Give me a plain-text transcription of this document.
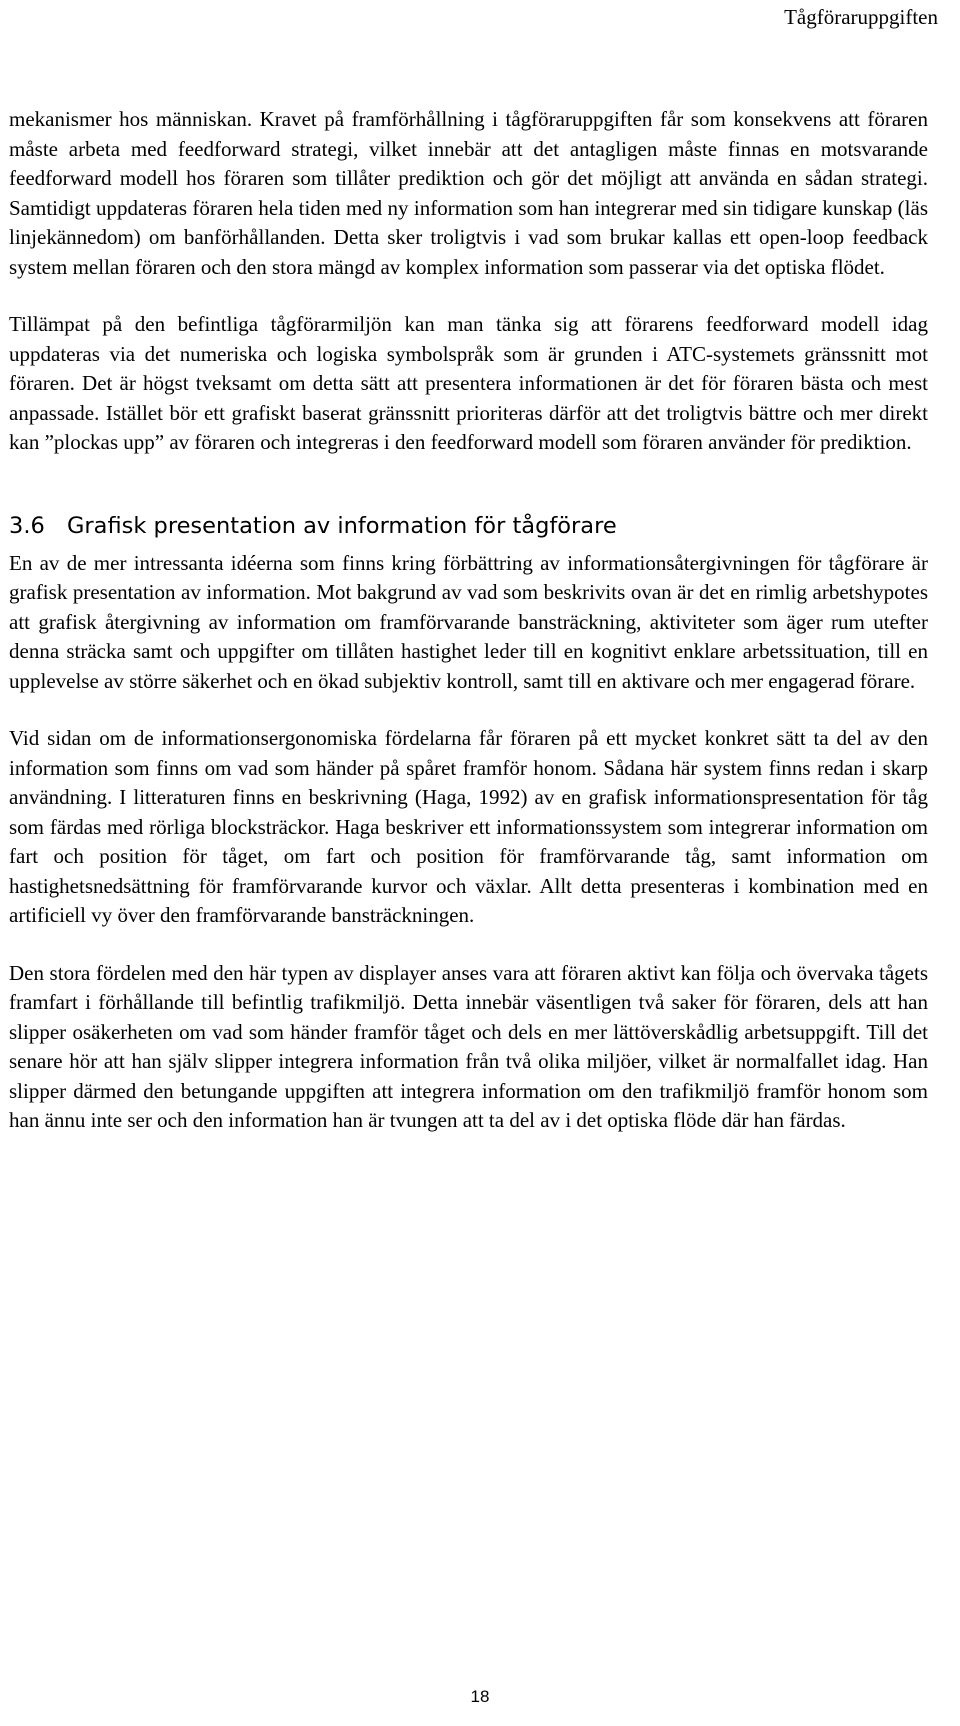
Tågföraruppgiften

mekanismer hos människan. Kravet på framförhållning i tågföraruppgiften får som konsekvens att föraren måste arbeta med feedforward strategi, vilket innebär att det antagligen måste finnas en motsvarande feedforward modell hos föraren som tillåter prediktion och gör det möjligt att använda en sådan strategi. Samtidigt uppdateras föraren hela tiden med ny information som han integrerar med sin tidigare kunskap (läs linjekännedom) om banförhållanden. Detta sker troligtvis i vad som brukar kallas ett open-loop feedback system mellan föraren och den stora mängd av komplex information som passerar via det optiska flödet.

Tillämpat på den befintliga tågförarmiljön kan man tänka sig att förarens feedforward modell idag uppdateras via det numeriska och logiska symbolspråk som är grunden i ATC-systemets gränssnitt mot föraren. Det är högst tveksamt om detta sätt att presentera informationen är det för föraren bästa och mest anpassade. Istället bör ett grafiskt baserat gränssnitt prioriteras därför att det troligtvis bättre och mer direkt kan ”plockas upp” av föraren och integreras i den feedforward modell som föraren använder för prediktion.

3.6 Grafisk presentation av information för tågförare

En av de mer intressanta idéerna som finns kring förbättring av informationsåtergivningen för tågförare är grafisk presentation av information. Mot bakgrund av vad som beskrivits ovan är det en rimlig arbetshypotes att grafisk återgivning av information om framförvarande bansträckning, aktiviteter som äger rum utefter denna sträcka samt och uppgifter om tillåten hastighet leder till en kognitivt enklare arbetssituation, till en upplevelse av större säkerhet och en ökad subjektiv kontroll, samt till en aktivare och mer engagerad förare.

Vid sidan om de informationsergonomiska fördelarna får föraren på ett mycket konkret sätt ta del av den information som finns om vad som händer på spåret framför honom. Sådana här system finns redan i skarp användning. I litteraturen finns en beskrivning (Haga, 1992) av en grafisk informationspresentation för tåg som färdas med rörliga blocksträckor. Haga beskriver ett informationssystem som integrerar information om fart och position för tåget, om fart och position för framförvarande tåg, samt information om hastighetsnedsättning för framförvarande kurvor och växlar. Allt detta presenteras i kombination med en artificiell vy över den framförvarande bansträckningen.

Den stora fördelen med den här typen av displayer anses vara att föraren aktivt kan följa och övervaka tågets framfart i förhållande till befintlig trafikmiljö. Detta innebär väsentligen två saker för föraren, dels att han slipper osäkerheten om vad som händer framför tåget och dels en mer lättöverskådlig arbetsuppgift. Till det senare hör att han själv slipper integrera information från två olika miljöer, vilket är normalfallet idag. Han slipper därmed den betungande uppgiften att integrera information om den trafikmiljö framför honom som han ännu inte ser och den information han är tvungen att ta del av i det optiska flöde där han färdas.

18
